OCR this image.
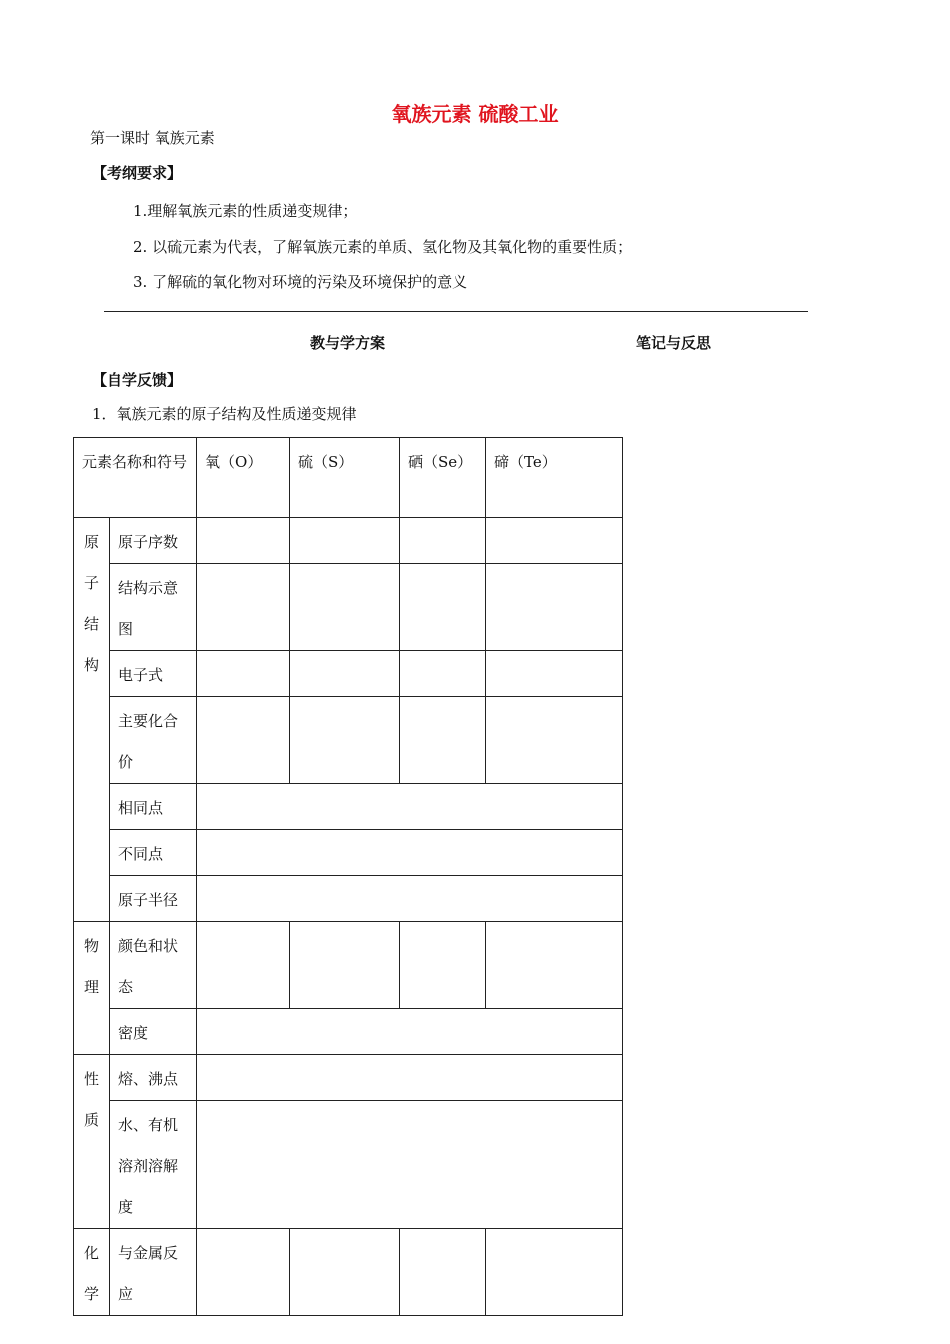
氧族元素 硫酸工业
第一课时 氧族元素
【考纲要求】
1.理解氧族元素的性质递变规律；
2. 以硫元素为代表，了解氧族元素的单质、氢化物及其氧化物的重要性质；
3. 了解硫的氧化物对环境的污染及环境保护的意义
教与学方案	笔记与反思
【自学反馈】
1．氧族元素的原子结构及性质递变规律
元素名称和符号		氧（O）	硫（S）	硒（Se）	碲（Te）

原子结构	原子序数				
	结构示意图				
	电子式				
	主要化合价				
	相同点				
	不同点				
	原子半径				

物理	颜色和状态				
	密度				

性质	熔、沸点				
	水、有机溶剂溶解度				

化学	与金属反应				
